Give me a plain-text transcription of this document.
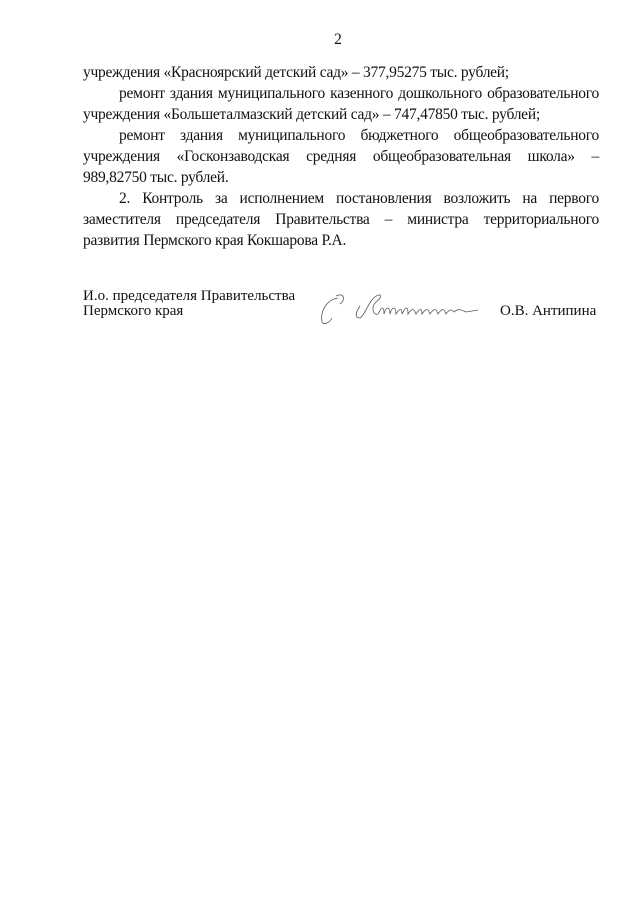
2
учреждения «Красноярский детский сад» – 377,95275 тыс. рублей;
ремонт здания муниципального казенного дошкольного образовательного
учреждения «Большеталмазский детский сад» – 747,47850 тыс. рублей;
ремонт здания муниципального бюджетного общеобразовательного
учреждения «Госконзаводская средняя общеобразовательная школа» –
989,82750 тыс. рублей.
2. Контроль за исполнением постановления возложить на первого
заместителя председателя Правительства – министра территориального
развития Пермского края Кокшарова Р.А.
И.о. председателя Правительства
Пермского края	О.В. Антипина
